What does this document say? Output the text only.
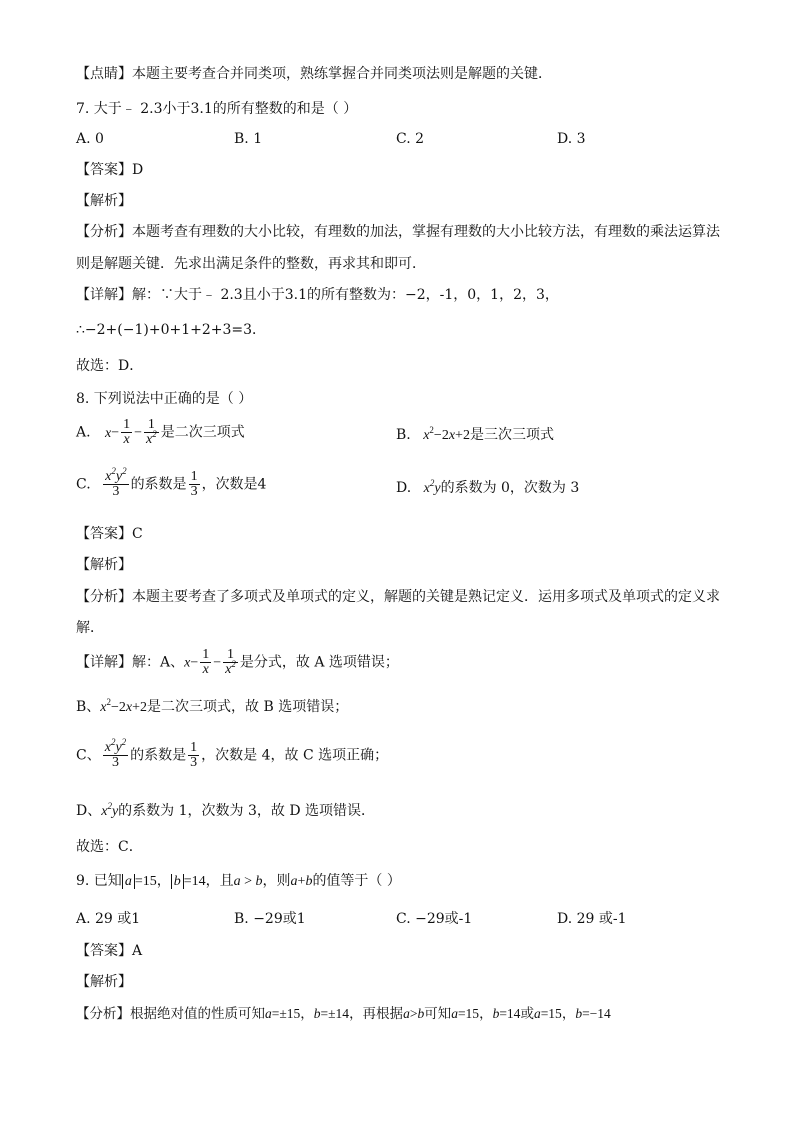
【点睛】本题主要考查合并同类项，熟练掌握合并同类项法则是解题的关键．
7. 大于﹣ 2.3小于3.1的所有整数的和是（ ）
A. 0	B. 1	C. 2	D. 3
【答案】D
【解析】
【分析】本题考查有理数的大小比较，有理数的加法，掌握有理数的大小比较方法，有理数的乘法运算法
则是解题关键．先求出满足条件的整数，再求其和即可．
【详解】解：∵大于﹣ 2.3且小于3.1的所有整数为：−2，-1，0，1，2，3，
∴−2+(−1)+0+1+2+3=3．
故选：D．
8. 下列说法中正确的是（ ）
A. $x- \frac{1}{x} - \frac{1}{x^2}$ 是二次三项式	B. $x^2-2x+2$是三次三项式
C. $\frac{x^2y^2}{3}$ 的系数是 $\frac{1}{3}$ ，次数是4	D. $x^2y$的系数为 0，次数为 3
【答案】C
【解析】
【分析】本题主要考查了多项式及单项式的定义，解题的关键是熟记定义．运用多项式及单项式的定义求
解．
【详解】解：A、$x- \frac{1}{x} - \frac{1}{x^2}$ 是分式，故 A 选项错误；
B、$x^2-2x+2$是二次三项式，故 B 选项错误；
C、 $\frac{x^2y^2}{3}$ 的系数是 $\frac{1}{3}$ ，次数是 4，故 C 选项正确；
D、$x^2y$的系数为 1，次数为 3，故 D 选项错误．
故选：C．
9. 已知 a =15， b =14，且a > b，则a+b的值等于（ ）
A. 29 或1	B. −29或1	C. −29或-1	D. 29 或-1
【答案】A
【解析】
【分析】根据绝对值的性质可知a=±15，b=±14，再根据a>b可知a=15，b=14或a=15，b=−14
